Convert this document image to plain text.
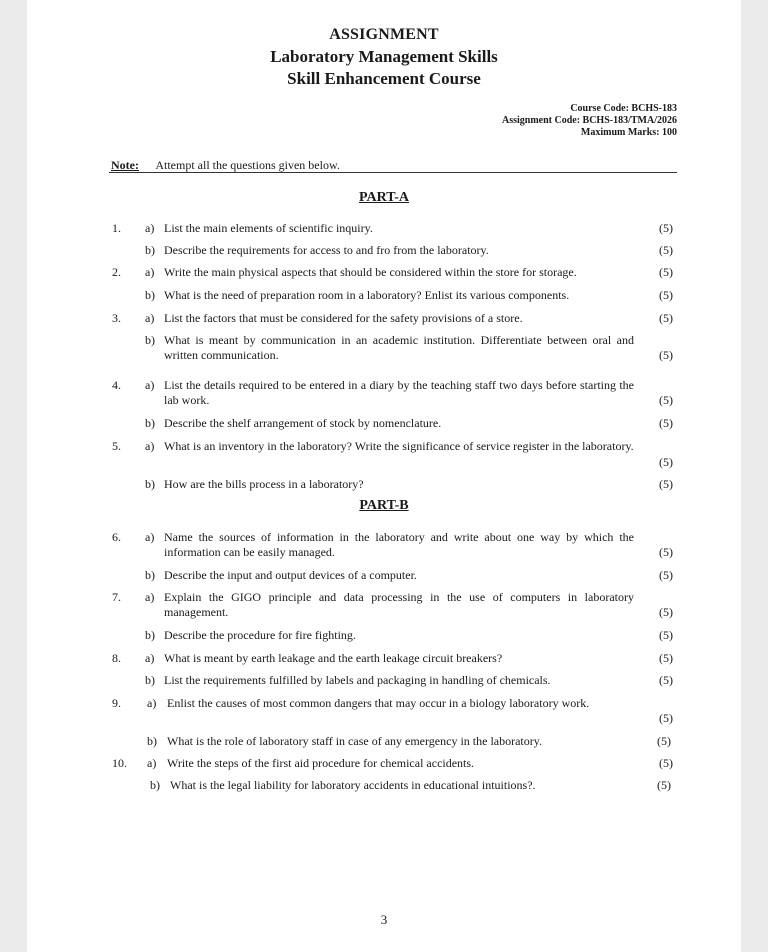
ASSIGNMENT
Laboratory Management Skills
Skill Enhancement Course
Course Code: BCHS-183
Assignment Code: BCHS-183/TMA/2026
Maximum Marks: 100
Note: Attempt all the questions given below.
PART-A
1.	a) List the main elements of scientific inquiry.	(5)
b) Describe the requirements for access to and fro from the laboratory.	(5)
2.	a) Write the main physical aspects that should be considered within the store for storage.	(5)
b) What is the need of preparation room in a laboratory? Enlist its various components.	(5)
3.	a) List the factors that must be considered for the safety provisions of a store.	(5)
b) What is meant by communication in an academic institution. Differentiate between oral and written communication.	(5)
4.	a) List the details required to be entered in a diary by the teaching staff two days before starting the lab work.	(5)
b) Describe the shelf arrangement of stock by nomenclature.	(5)
5.	a) What is an inventory in the laboratory? Write the significance of service register in the laboratory.
(5)
b) How are the bills process in a laboratory?	(5)
PART-B
6.	a) Name the sources of information in the laboratory and write about one way by which the information can be easily managed.	(5)
b) Describe the input and output devices of a computer.	(5)
7.	a) Explain the GIGO principle and data processing in the use of computers in laboratory management.	(5)
b) Describe the procedure for fire fighting.	(5)
8.	a) What is meant by earth leakage and the earth leakage circuit breakers?	(5)
b) List the requirements fulfilled by labels and packaging in handling of chemicals.	(5)
9.	a) Enlist the causes of most common dangers that may occur in a biology laboratory work.
(5)
b) What is the role of laboratory staff in case of any emergency in the laboratory.	(5)
10.	a) Write the steps of the first aid procedure for chemical accidents.	(5)
b) What is the legal liability for laboratory accidents in educational intuitions?.	(5)
3
